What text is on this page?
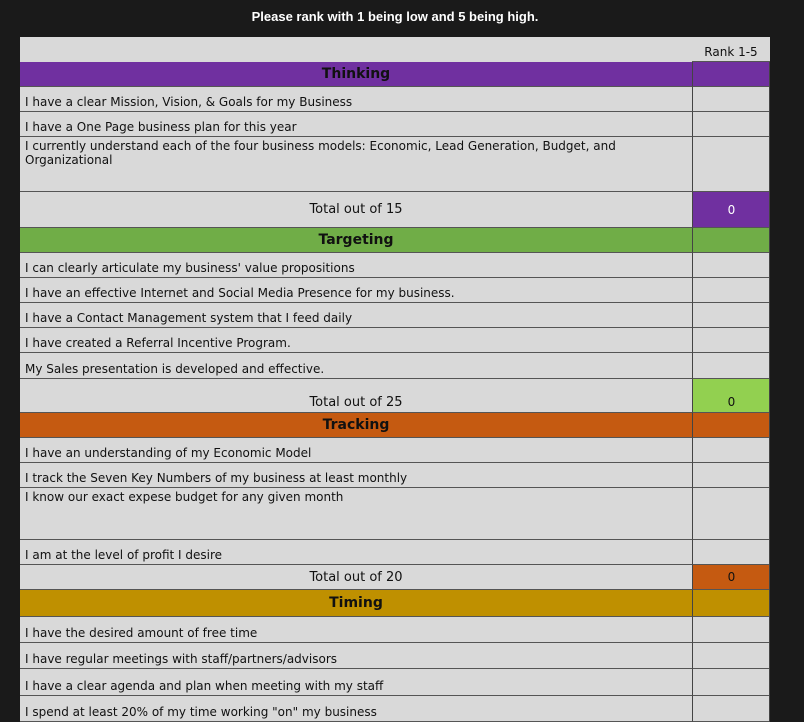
Please rank with 1 being low and 5 being high.
Rank 1-5
Thinking
I have a clear Mission, Vision, & Goals for my Business
I have a One Page business plan for this year
I currently understand each of the four business models: Economic, Lead Generation, Budget, and Organizational
Total out of 15	0
Targeting
I can clearly articulate my business' value propositions
I have an effective Internet and Social Media Presence for my business.
I have a Contact Management system that I feed daily
I have created a Referral Incentive Program.
My Sales presentation is developed and effective.
Total out of 25	0
Tracking
I have an understanding of my Economic Model
I track the Seven Key Numbers of my business at least monthly
I know our exact expese budget for any given month
I am at the level of profit I desire
Total out of 20	0
Timing
I have the desired amount of free time
I have regular meetings with staff/partners/advisors
I have a clear agenda and plan when meeting with my staff
I spend at least 20% of my time working "on" my business
